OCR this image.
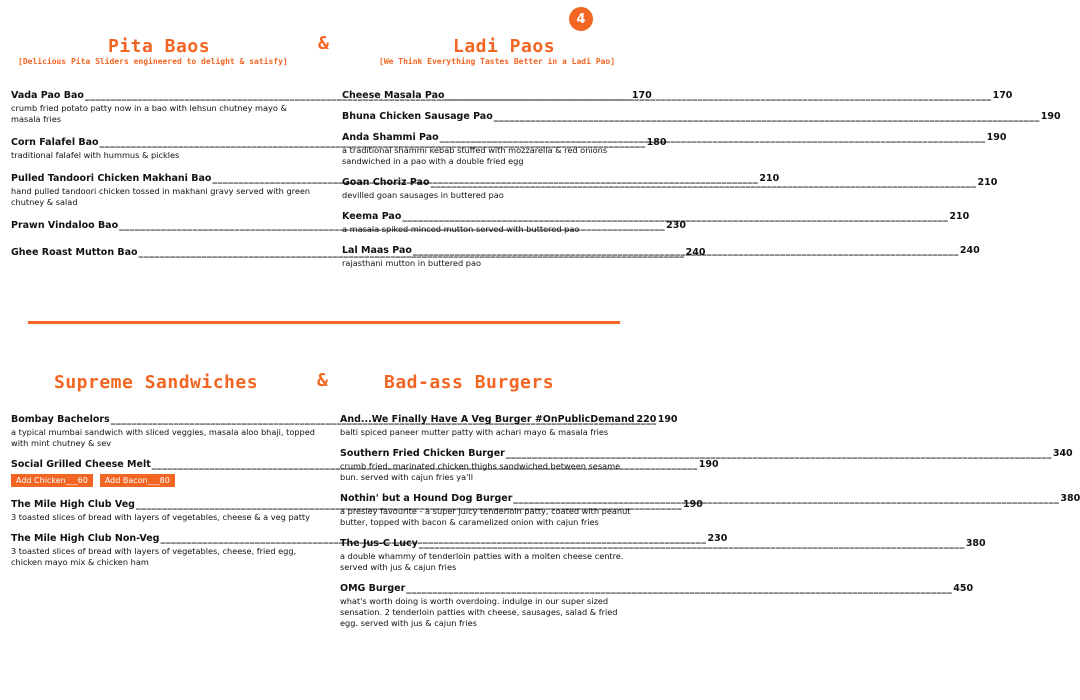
4
Pita Baos	&	Ladi Paos
[Delicious Pita Sliders engineered to delight & satisfy]	[We Think Everything Tastes Better in a Ladi Pao]
Vada Pao Bao _____	170
crumb fried potato patty now in a bao with lehsun chutney mayo & masala fries
Corn Falafel Bao _____	180
traditional falafel with hummus & pickles
Pulled Tandoori Chicken Makhani Bao _____	210
hand pulled tandoori chicken tossed in makhani gravy served with green chutney & salad
Prawn Vindaloo Bao _____	230
Ghee Roast Mutton Bao _____	240
Cheese Masala Pao _____	170
Bhuna Chicken Sausage Pao _____	190
Anda Shammi Pao _____	190
a traditional shammi kebab stuffed with mozzarella & red onions sandwiched in a pao with a double fried egg
Goan Choriz Pao _____	210
devilled goan sausages in buttered pao
Keema Pao _____	210
a masala spiked minced mutton served with buttered pao
Lal Maas Pao _____	240
rajasthani mutton in buttered pao
Supreme Sandwiches	&	Bad-ass Burgers
Bombay Bachelors _____	190
a typical mumbai sandwich with sliced veggies, masala aloo bhaji, topped with mint chutney & sev
Social Grilled Cheese Melt _____	190
Add Chicken___60	Add Bacon___80
The Mile High Club Veg _____	190
3 toasted slices of bread with layers of vegetables, cheese & a veg patty
The Mile High Club Non-Veg _____	230
3 toasted slices of bread with layers of vegetables, cheese, fried egg, chicken mayo mix & chicken ham
And...We Finally Have A Veg Burger #OnPublicDemand _____ 220
balti spiced paneer mutter patty with achari mayo & masala fries
Southern Fried Chicken Burger _____	340
crumb fried, marinated chicken thighs sandwiched between sesame bun. served with cajun fries ya'll
Nothin' but a Hound Dog Burger _____	380
a presley favourite - a super juicy tenderloin patty, coated with peanut butter, topped with bacon & caramelized onion with cajun fries
The Jus-C Lucy _____	380
a double whammy of tenderloin patties with a molten cheese centre. served with jus & cajun fries
OMG Burger _____	450
what's worth doing is worth overdoing. indulge in our super sized sensation. 2 tenderloin patties with cheese, sausages, salad & fried egg. served with jus & cajun fries
